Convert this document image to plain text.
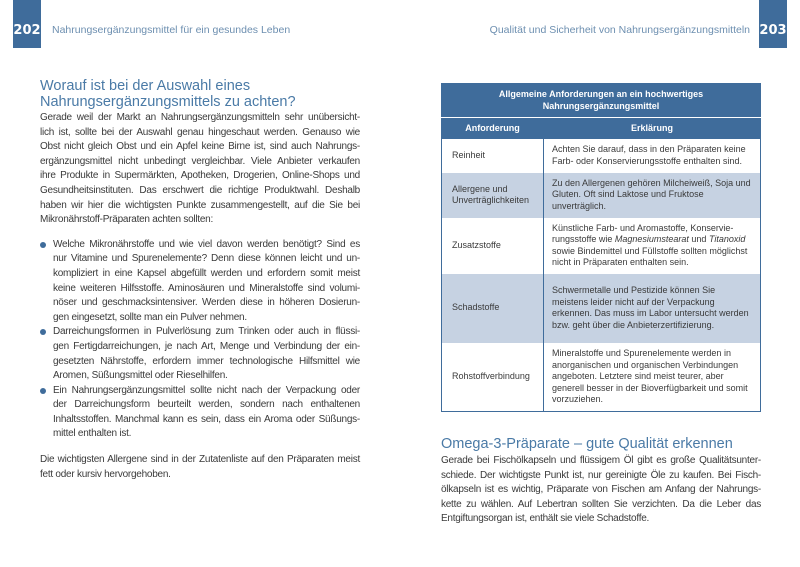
202 Nahrungsergänzungsmittel für ein gesundes Leben	Qualität und Sicherheit von Nahrungsergänzungsmitteln 203
Worauf ist bei der Auswahl eines
Nahrungsergänzungsmittels zu achten?
Gerade weil der Markt an Nahrungsergänzungsmitteln sehr unübersicht-
lich ist, sollte bei der Auswahl genau hingeschaut werden. Genauso wie
Obst nicht gleich Obst und ein Apfel keine Birne ist, sind auch Nahrungs-
ergänzungsmittel nicht unbedingt vergleichbar. Viele Anbieter verkaufen
ihre Produkte in Supermärkten, Apotheken, Drogerien, Online-Shops und
Gesundheitsinstituten. Das erschwert die richtige Produktwahl. Deshalb
haben wir hier die wichtigsten Punkte zusammengestellt, auf die Sie bei
Mikronährstoff-Präparaten achten sollten:
Welche Mikronährstoffe und wie viel davon werden benötigt? Sind es
nur Vitamine und Spurenelemente? Denn diese können leicht und un-
kompliziert in eine Kapsel abgefüllt werden und erfordern somit meist
keine weiteren Hilfsstoffe. Aminosäuren und Mineralstoffe sind volumi-
nöser und geschmacksintensiver. Werden diese in höheren Dosierun-
gen eingesetzt, sollte man ein Pulver nehmen.
Darreichungsformen in Pulverlösung zum Trinken oder auch in flüssi-
gen Fertigdarreichungen, je nach Art, Menge und Verbindung der ein-
gesetzten Nährstoffe, erfordern immer technologische Hilfsmittel wie
Aromen, Süßungsmittel oder Rieselhilfen.
Ein Nahrungsergänzungsmittel sollte nicht nach der Verpackung oder
der Darreichungsform beurteilt werden, sondern nach enthaltenen
Inhaltsstoffen. Manchmal kann es sein, dass ein Aroma oder Süßungs-
mittel enthalten ist.
Die wichtigsten Allergene sind in der Zutatenliste auf den Präparaten meist
fett oder kursiv hervorgehoben.
Allgemeine Anforderungen an ein hochwertiges Nahrungsergänzungsmittel	
Anforderung	Erklärung
Reinheit	Achten Sie darauf, dass in den Präparaten keine Farb- oder Konservierungsstoffe enthalten sind.
Allergene und Unverträglichkeiten	Zu den Allergenen gehören Milcheiweiß, Soja und Gluten. Oft sind Laktose und Fruktose unverträglich.
Zusatzstoffe	Künstliche Farb- und Aromastoffe, Konservie-rungsstoffe wie Magnesiumstearat und Titanoxid sowie Bindemittel und Füllstoffe sollten möglichst nicht in Präparaten enthalten sein.
Schadstoffe	Schwermetalle und Pestizide können Sie meistens leider nicht auf der Verpackung erkennen. Das muss im Labor untersucht werden bzw. geht über die Anbieterzertifizierung.
Rohstoffverbindung	Mineralstoffe und Spurenelemente werden in anorganischen und organischen Verbindungen angeboten. Letztere sind meist teurer, aber generell besser in der Bioverfügbarkeit und somit vorzuziehen.
Omega-3-Präparate – gute Qualität erkennen
Gerade bei Fischölkapseln und flüssigem Öl gibt es große Qualitätsunter-
schiede. Der wichtigste Punkt ist, nur gereinigte Öle zu kaufen. Bei Fisch-
ölkapseln ist es wichtig, Präparate von Fischen am Anfang der Nahrungs-
kette zu wählen. Auf Lebertran sollten Sie verzichten. Da die Leber das
Entgiftungsorgan ist, enthält sie viele Schadstoffe.
